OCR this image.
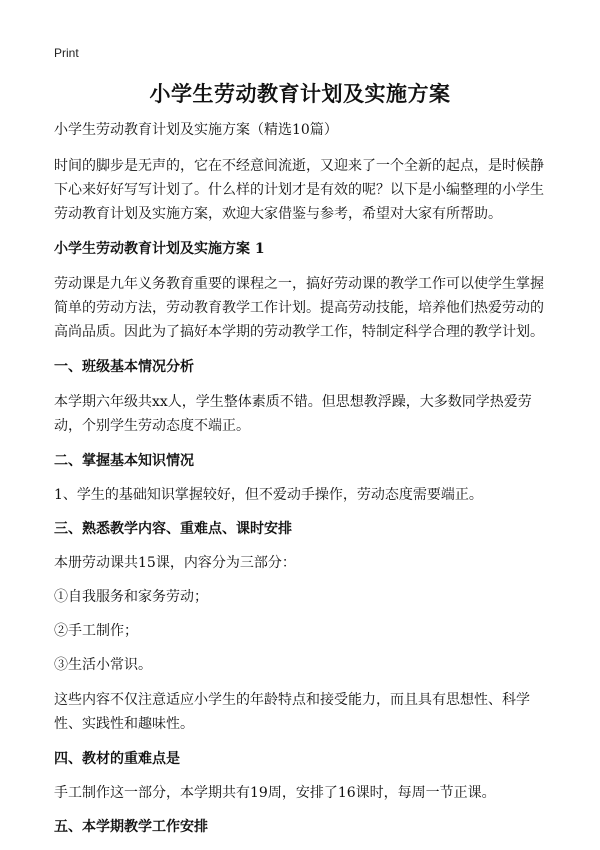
Print
小学生劳动教育计划及实施方案

小学生劳动教育计划及实施方案（精选10篇）

时间的脚步是无声的，它在不经意间流逝，又迎来了一个全新的起点，是时候静下心来好好写写计划了。什么样的计划才是有效的呢？以下是小编整理的小学生劳动教育计划及实施方案，欢迎大家借鉴与参考，希望对大家有所帮助。

小学生劳动教育计划及实施方案 1

劳动课是九年义务教育重要的课程之一，搞好劳动课的教学工作可以使学生掌握简单的劳动方法，劳动教育教学工作计划。提高劳动技能，培养他们热爱劳动的高尚品质。因此为了搞好本学期的劳动教学工作，特制定科学合理的教学计划。

一、班级基本情况分析

本学期六年级共xx人，学生整体素质不错。但思想教浮躁，大多数同学热爱劳动，个别学生劳动态度不端正。

二、掌握基本知识情况

1、学生的基础知识掌握较好，但不爱动手操作，劳动态度需要端正。

三、熟悉教学内容、重难点、课时安排

本册劳动课共15课，内容分为三部分：

①自我服务和家务劳动；

②手工制作；

③生活小常识。

这些内容不仅注意适应小学生的年龄特点和接受能力，而且具有思想性、科学性、实践性和趣味性。

四、教材的重难点是

手工制作这一部分，本学期共有19周，安排了16课时，每周一节正课。

五、本学期教学工作安排
